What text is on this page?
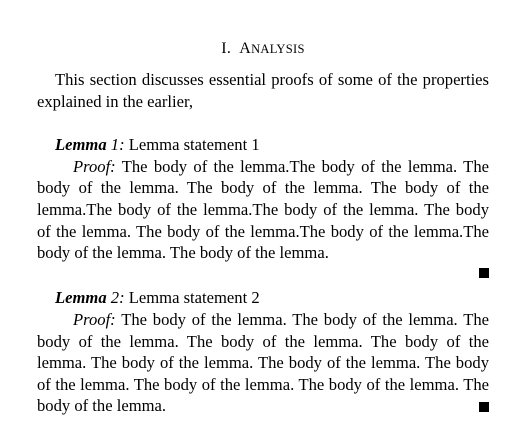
I. ANALYSIS

This section discusses essential proofs of some of the properties explained in the earlier,

Lemma 1: Lemma statement 1

Proof: The body of the lemma.The body of the lemma. The body of the lemma. The body of the lemma. The body of the lemma.The body of the lemma.The body of the lemma. The body of the lemma. The body of the lemma.The body of the lemma.The body of the lemma. The body of the lemma.

Lemma 2: Lemma statement 2

Proof: The body of the lemma. The body of the lemma. The body of the lemma. The body of the lemma. The body of the lemma. The body of the lemma. The body of the lemma. The body of the lemma. The body of the lemma. The body of the lemma. The body of the lemma.
